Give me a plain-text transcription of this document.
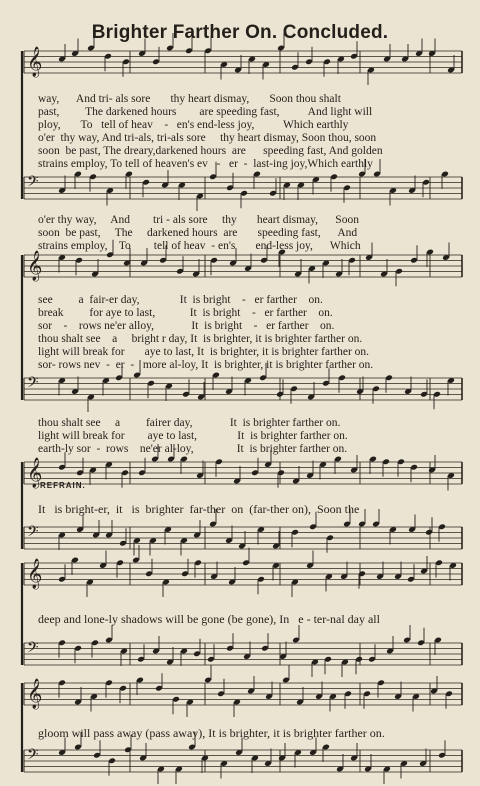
Brighter Farther On. Concluded.
𝄞
𝄢
𝄞
𝄢
𝄞
𝄢
𝄞
𝄢
𝄞
𝄢
way,      And tri- als sore       thy heart dismay,       Soon thou shalt
past,         The darkened hours        are speeding fast,          And light will
ploy,       To   tell of heav    -   en's end-less joy,          Which earthly
o'er  thy way, And tri-als, tri-als sore     thy heart dismay, Soon thou, soon
soon  be past, The dreary,darkened hours  are      speeding fast, And golden
strains employ, To tell of heaven's ev   -   er  -  last-ing joy,Which earthly
o'er thy way,     And        tri - als sore     thy       heart dismay,      Soon
soon  be past,     The     darkened hours  are       speeding fast,      And
strains employ,    To        tell of heav  - en's       end-less joy,      Which
see         a  fair-er day,              It  is bright    -   er farther    on.
break         for aye to last,            It  is bright    -   er farther    on.
sor    -    rows ne'er alloy,             It  is bright    -   er farther    on.
thou shalt see    a     bright r day, It  is brighter, it is brighter farther on.
light will break for       aye to last, It  is brighter, it is brighter farther on.
sor- rows nev  -  er  -   more al-loy, It  is brighter, it is brighter farther on.
thou shalt see     a         fairer day,             It  is brighter farther on.
light will break for        aye to last,              It  is brighter farther on.
earth-ly sor  -  rows    ne'er al-loy,               It  is brighter farther on.
REFRAIN.
It   is bright-er,  it   is  brighter  far-ther  on  (far-ther on),  Soon the
deep and lone-ly shadows will be gone (be gone), In   e - ter-nal day all
gloom will pass away (pass away), It is brighter, it is brighter farther on.
